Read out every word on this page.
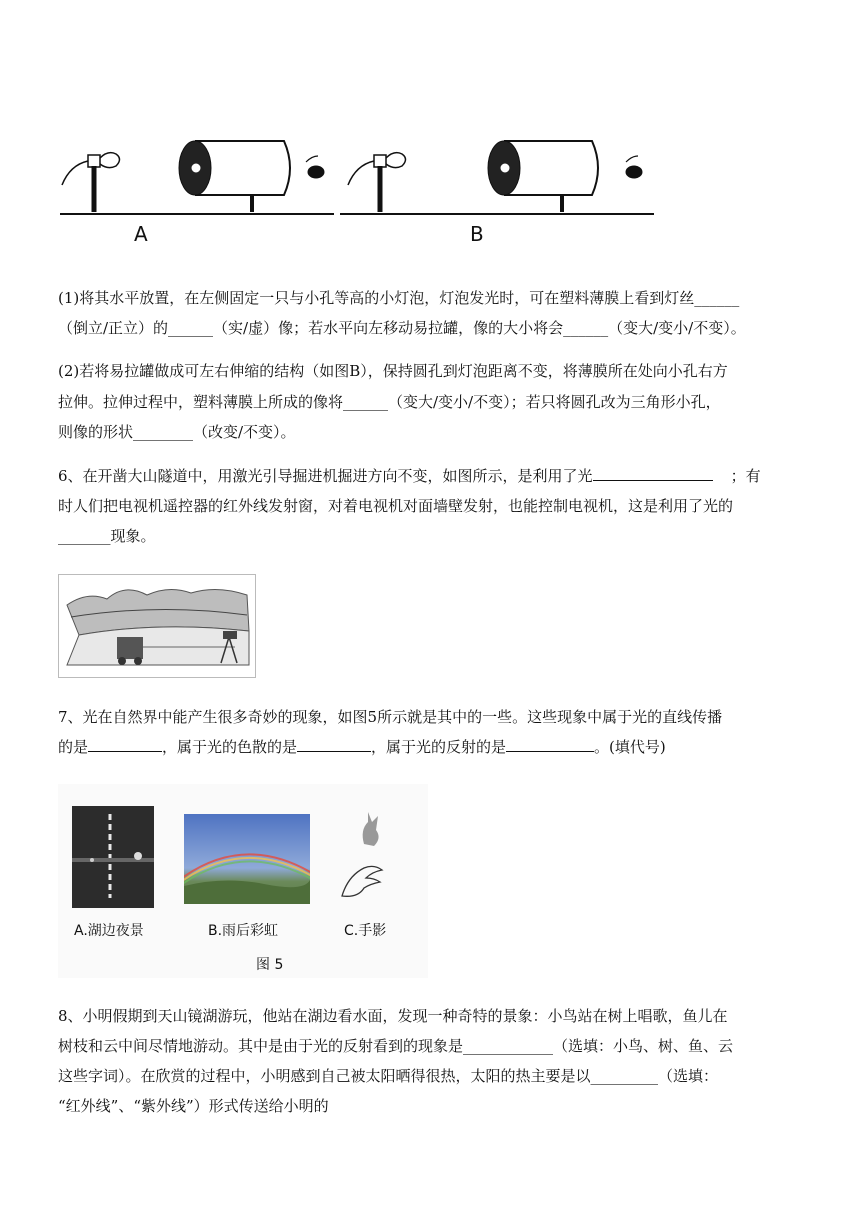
A	B
(1)将其水平放置，在左侧固定一只与小孔等高的小灯泡，灯泡发光时，可在塑料薄膜上看到灯丝______
（倒立/正立）的______（实/虚）像；若水平向左移动易拉罐，像的大小将会______（变大/变小/不变）。
(2)若将易拉罐做成可左右伸缩的结构（如图B），保持圆孔到灯泡距离不变，将薄膜所在处向小孔右方
拉伸。拉伸过程中，塑料薄膜上所成的像将______（变大/变小/不变）；若只将圆孔改为三角形小孔，
则像的形状________（改变/不变）。
6、在开凿大山隧道中，用激光引导掘进机掘进方向不变，如图所示，是利用了光	；有
时人们把电视机遥控器的红外线发射窗，对着电视机对面墙壁发射，也能控制电视机，这是利用了光的
_______现象。
7、光在自然界中能产生很多奇妙的现象，如图5所示就是其中的一些。这些现象中属于光的直线传播
的是	，属于光的色散的是	，属于光的反射的是	。(填代号)
A.湖边夜景	B.雨后彩虹	C.手影
图 5
8、小明假期到天山镜湖游玩，他站在湖边看水面，发现一种奇特的景象：小鸟站在树上唱歌，鱼儿在
树枝和云中间尽情地游动。其中是由于光的反射看到的现象是____________（选填：小鸟、树、鱼、云
这些字词）。在欣赏的过程中，小明感到自己被太阳晒得很热，太阳的热主要是以_________（选填：
“红外线”、“紫外线”）形式传送给小明的
